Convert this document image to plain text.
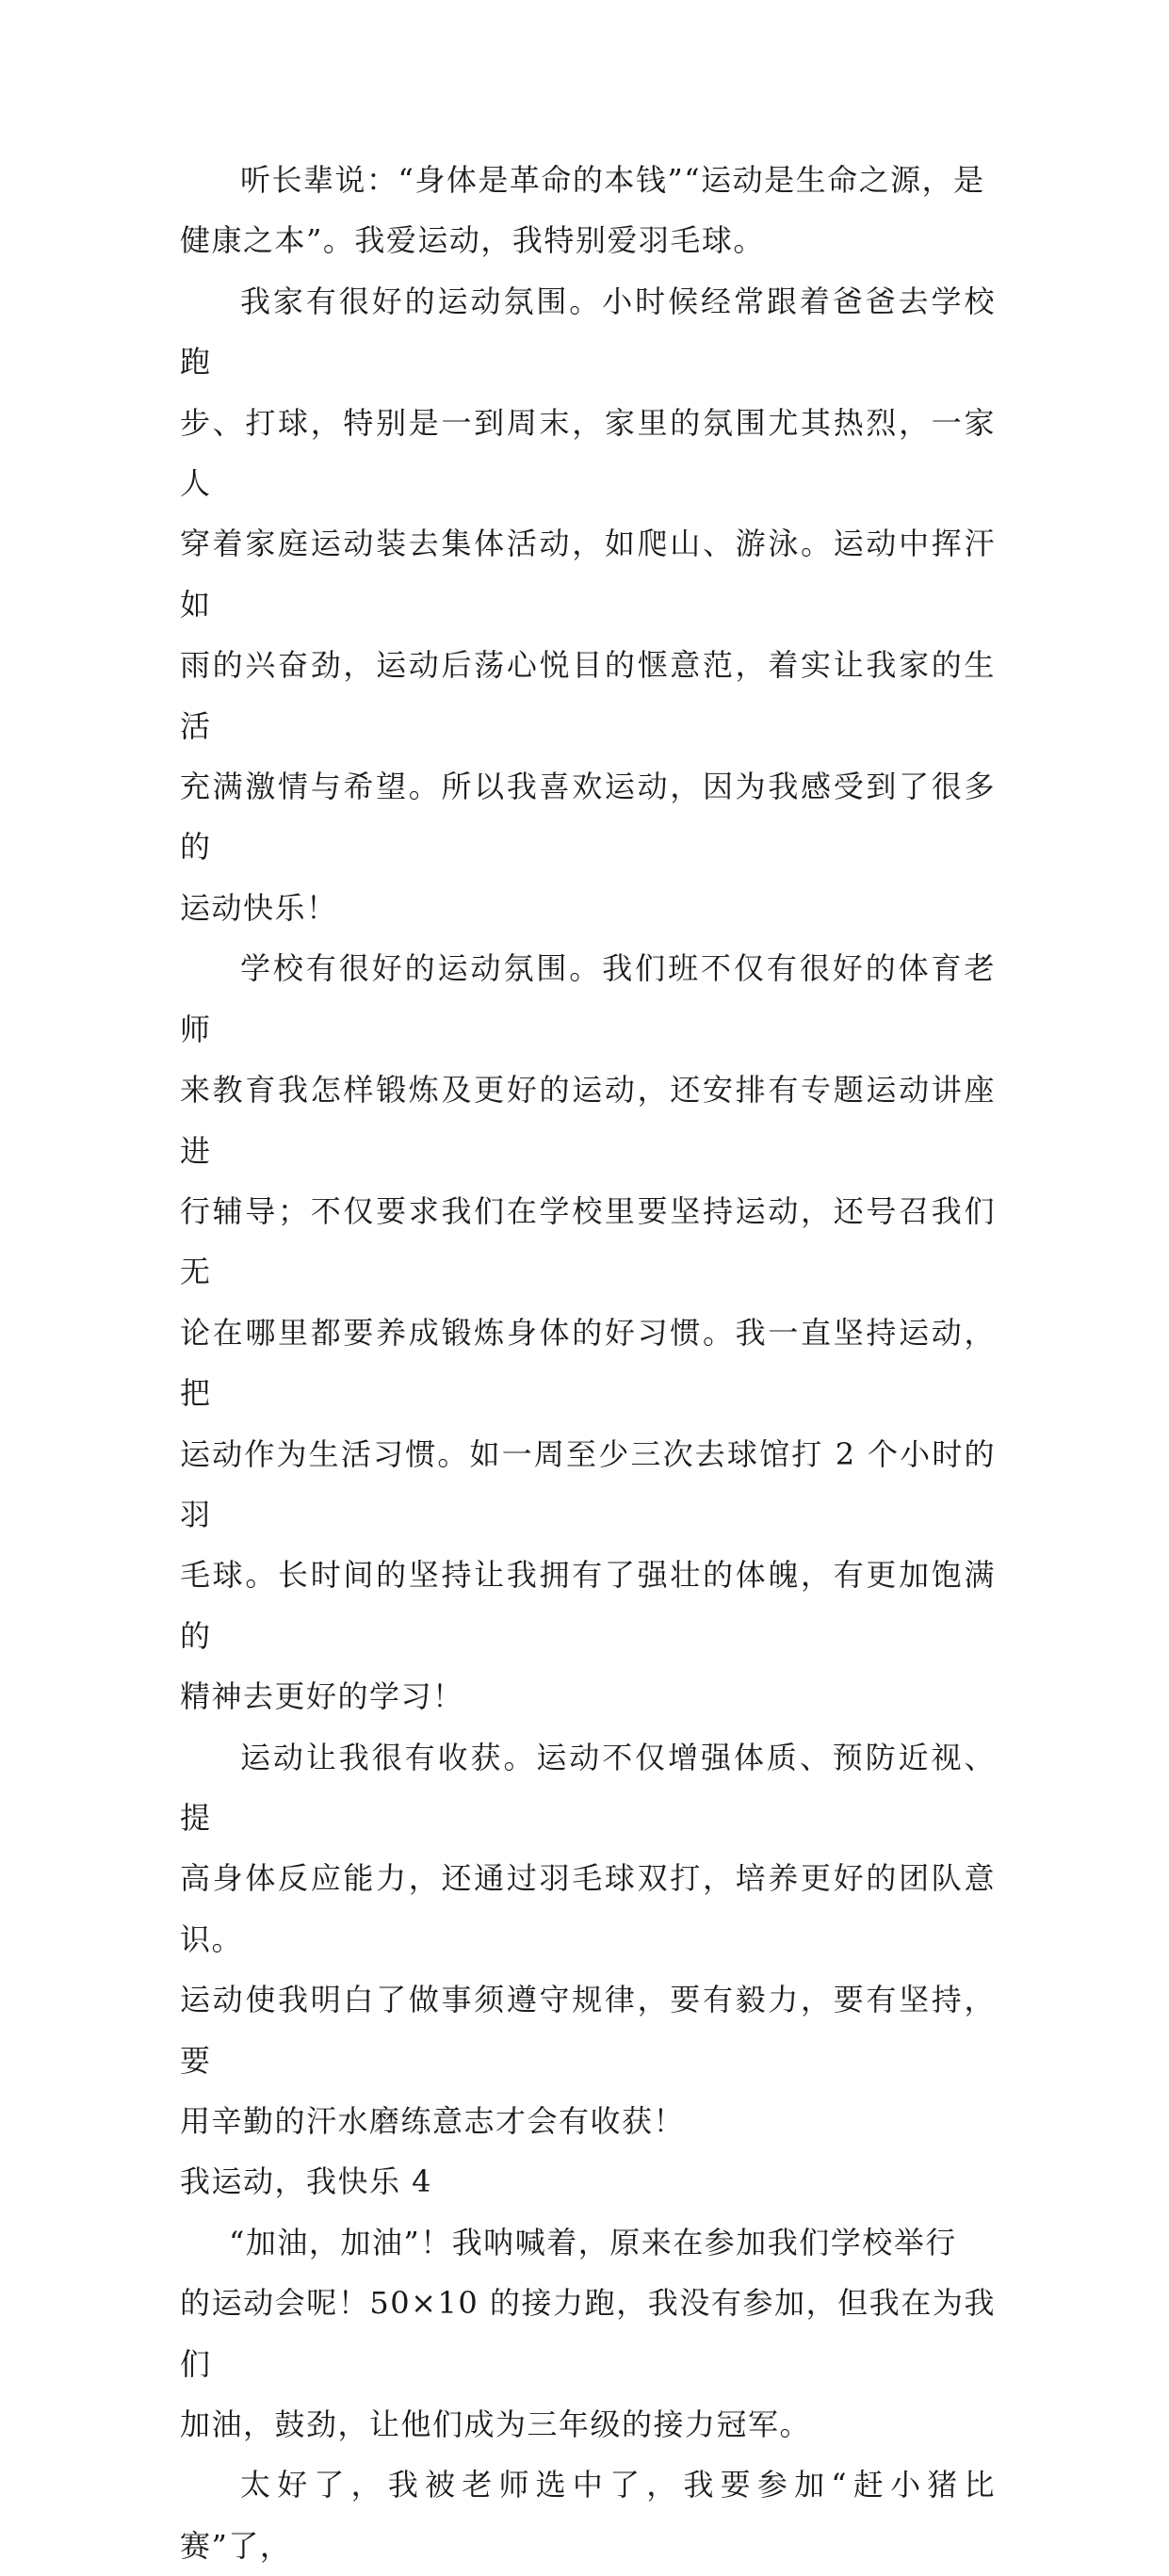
听长辈说：“身体是革命的本钱”“运动是生命之源，是
健康之本”。我爱运动，我特别爱羽毛球。

我家有很好的运动氛围。小时候经常跟着爸爸去学校跑
步、打球，特别是一到周末，家里的氛围尤其热烈，一家人
穿着家庭运动装去集体活动，如爬山、游泳。运动中挥汗如
雨的兴奋劲，运动后荡心悦目的惬意范，着实让我家的生活
充满激情与希望。所以我喜欢运动，因为我感受到了很多的
运动快乐！

学校有很好的运动氛围。我们班不仅有很好的体育老师
来教育我怎样锻炼及更好的运动，还安排有专题运动讲座进
行辅导；不仅要求我们在学校里要坚持运动，还号召我们无
论在哪里都要养成锻炼身体的好习惯。我一直坚持运动，把
运动作为生活习惯。如一周至少三次去球馆打 2 个小时的羽
毛球。长时间的坚持让我拥有了强壮的体魄，有更加饱满的
精神去更好的学习！

运动让我很有收获。运动不仅增强体质、预防近视、提
高身体反应能力，还通过羽毛球双打，培养更好的团队意识。
运动使我明白了做事须遵守规律，要有毅力，要有坚持，要
用辛勤的汗水磨练意志才会有收获！

我运动，我快乐 4

“加油，加油”！我呐喊着，原来在参加我们学校举行
的运动会呢！50×10 的接力跑，我没有参加，但我在为我们
加油，鼓劲，让他们成为三年级的接力冠军。

太好了，我被老师选中了，我要参加“赶小猪比赛”了，
